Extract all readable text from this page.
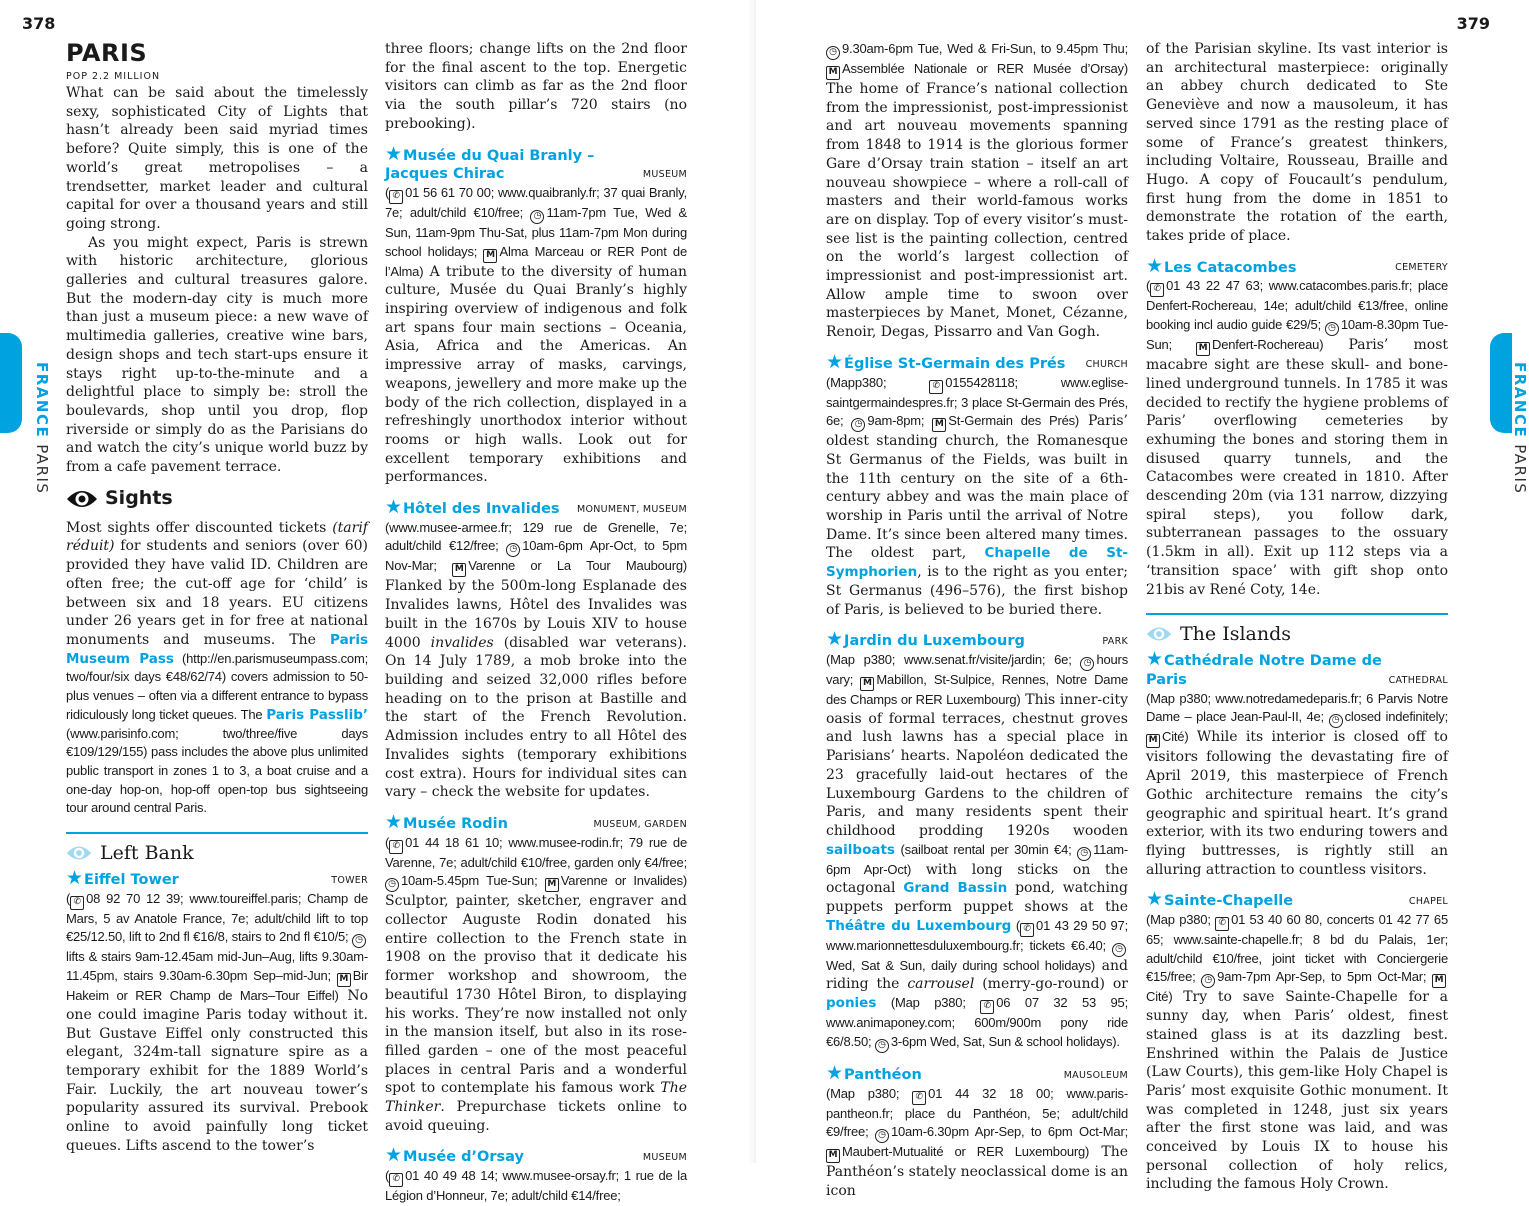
378
FRANCEPARIS
PARIS
POP 2.2 MILLION

What can be said about the timelessly sexy, sophisticated City of Lights that hasn’t already been said myriad times before? Quite simply, this is one of the world’s great metropolises – a trendsetter, market leader and cultural capital for over a thousand years and still going strong.

As you might expect, Paris is strewn with historic architecture, glorious galleries and cultural treasures galore. But the modern-day city is much more than just a museum piece: a new wave of multimedia galleries, creative wine bars, design shops and tech start-ups ensure it stays right up-to-the-minute and a delightful place to simply be: stroll the boulevards, shop until you drop, flop riverside or simply do as the Parisians do and watch the city’s unique world buzz by from a cafe pavement terrace.

Sights

Most sights offer discounted tickets (tarif réduit) for students and seniors (over 60) provided they have valid ID. Children are often free; the cut-off age for ‘child’ is between six and 18 years. EU citizens under 26 years get in for free at national monuments and museums. The Paris Museum Pass (http://en.parismuseumpass.com; two/four/six days €48/62/74) covers admission to 50-plus venues – often via a different entrance to bypass ridiculously long ticket queues. The Paris Passlib’ (www.parisinfo.com; two/three/five days €109/129/155) pass includes the above plus unlimited public transport in zones 1 to 3, a boat cruise and a one-day hop-on, hop-off open-top bus sightseeing tour around central Paris.

Left Bank
★Eiffel Tower	TOWER

( ✆ 08 92 70 12 39; www.toureiffel.paris; Champ de Mars, 5 av Anatole France, 7e; adult/child lift to top €25/12.50, lift to 2nd fl €16/8, stairs to 2nd fl €10/5; ◷lifts & stairs 9am-12.45am mid-Jun–Aug, lifts 9.30am-11.45pm, stairs 9.30am-6.30pm Sep–mid-Jun; M Bir Hakeim or RER Champ de Mars–Tour Eiffel) No one could imagine Paris today without it. But Gustave Eiffel only constructed this elegant, 324m-tall signature spire as a temporary exhibit for the 1889 World’s Fair. Luckily, the art nouveau tower’s popularity assured its survival. Prebook online to avoid painfully long ticket queues. Lifts ascend to the tower’s

three floors; change lifts on the 2nd floor for the final ascent to the top. Energetic visitors can climb as far as the 2nd floor via the south pillar’s 720 stairs (no prebooking).

★Musée du Quai Branly – Jacques Chirac	MUSEUM

( ✆ 01 56 61 70 00; www.quaibranly.fr; 37 quai Branly, 7e; adult/child €10/free; ◷ 11am-7pm Tue, Wed & Sun, 11am-9pm Thu-Sat, plus 11am-7pm Mon during school holidays; M Alma Marceau or RER Pont de l’Alma) A tribute to the diversity of human culture, Musée du Quai Branly’s highly inspiring overview of indigenous and folk art spans four main sections – Oceania, Asia, Africa and the Americas. An impressive array of masks, carvings, weapons, jewellery and more make up the body of the rich collection, displayed in a refreshingly unorthodox interior without rooms or high walls. Look out for excellent temporary exhibitions and performances.

★Hôtel des Invalides MONUMENT, MUSEUM

(www.musee-armee.fr; 129 rue de Grenelle, 7e; adult/child €12/free; ◷ 10am-6pm Apr-Oct, to 5pm Nov-Mar; M Varenne or La Tour Maubourg) Flanked by the 500m-long Esplanade des Invalides lawns, Hôtel des Invalides was built in the 1670s by Louis XIV to house 4000 invalides (disabled war veterans). On 14 July 1789, a mob broke into the building and seized 32,000 rifles before heading on to the prison at Bastille and the start of the French Revolution. Admission includes entry to all Hôtel des Invalides sights (temporary exhibitions cost extra). Hours for individual sites can vary – check the website for updates.

★Musée Rodin	MUSEUM, GARDEN

( ✆ 01 44 18 61 10; www.musee-rodin.fr; 79 rue de Varenne, 7e; adult/child €10/free, garden only €4/free; ◷ 10am-5.45pm Tue-Sun; M Varenne or Invalides) Sculptor, painter, sketcher, engraver and collector Auguste Rodin donated his entire collection to the French state in 1908 on the proviso that it dedicate his former workshop and showroom, the beautiful 1730 Hôtel Biron, to displaying his works. They’re now installed not only in the mansion itself, but also in its rose-filled garden – one of the most peaceful places in central Paris and a wonderful spot to contemplate his famous work The Thinker. Prepurchase tickets online to avoid queuing.

★Musée d’Orsay	MUSEUM

( ✆ 01 40 49 48 14; www.musee-orsay.fr; 1 rue de la Légion d’Honneur, 7e; adult/child €14/free;

379
FRANCEPARIS

◷ 9.30am-6pm Tue, Wed & Fri-Sun, to 9.45pm Thu; M Assemblée Nationale or RER Musée d’Orsay) The home of France’s national collection from the impressionist, post-impressionist and art nouveau movements spanning from 1848 to 1914 is the glorious former Gare d’Orsay train station – itself an art nouveau showpiece – where a roll-call of masters and their world-famous works are on display. Top of every visitor’s must-see list is the painting collection, centred on the world’s largest collection of impressionist and post-impressionist art. Allow ample time to swoon over masterpieces by Manet, Monet, Cézanne, Renoir, Degas, Pissarro and Van Gogh.

★Église St-Germain des Prés CHURCH

(Mapp380; ✆ 0155428118; www.eglise-saintgermaindespres.fr; 3 place St-Germain des Prés, 6e; ◷ 9am-8pm; M St-Germain des Prés) Paris’ oldest standing church, the Romanesque St Germanus of the Fields, was built in the 11th century on the site of a 6th-century abbey and was the main place of worship in Paris until the arrival of Notre Dame. It’s since been altered many times. The oldest part, Chapelle de St-Symphorien, is to the right as you enter; St Germanus (496–576), the first bishop of Paris, is believed to be buried there.

★Jardin du Luxembourg	PARK

(Map p380; www.senat.fr/visite/jardin; 6e; ◷ hours vary; M Mabillon, St-Sulpice, Rennes, Notre Dame des Champs or RER Luxembourg) This inner-city oasis of formal terraces, chestnut groves and lush lawns has a special place in Parisians’ hearts. Napoléon dedicated the 23 gracefully laid-out hectares of the Luxembourg Gardens to the children of Paris, and many residents spent their childhood prodding 1920s wooden sailboats (sailboat rental per 30min €4; ◷ 11am-6pm Apr-Oct) with long sticks on the octagonal Grand Bassin pond, watching puppets perform puppet shows at the Théâtre du Luxembourg ( ✆ 01 43 29 50 97; www.marionnettesduluxembourg.fr; tickets €6.40; ◷Wed, Sat & Sun, daily during school holidays) and riding the carrousel (merry-go-round) or ponies (Map p380; ✆ 06 07 32 53 95; www.animaponey.com; 600m/900m pony ride €6/8.50; ◷ 3-6pm Wed, Sat, Sun & school holidays).

★Panthéon	MAUSOLEUM

(Map p380; ✆ 01 44 32 18 00; www.paris-pantheon.fr; place du Panthéon, 5e; adult/child €9/free; ◷ 10am-6.30pm Apr-Sep, to 6pm Oct-Mar; M Maubert-Mutualité or RER Luxembourg) The Panthéon’s stately neoclassical dome is an icon

of the Parisian skyline. Its vast interior is an architectural masterpiece: originally an abbey church dedicated to Ste Geneviève and now a mausoleum, it has served since 1791 as the resting place of some of France’s greatest thinkers, including Voltaire, Rousseau, Braille and Hugo. A copy of Foucault’s pendulum, first hung from the dome in 1851 to demonstrate the rotation of the earth, takes pride of place.

★Les Catacombes	CEMETERY

( ✆ 01 43 22 47 63; www.catacombes.paris.fr; place Denfert-Rochereau, 14e; adult/child €13/free, online booking incl audio guide €29/5; ◷ 10am-8.30pm Tue-Sun; M Denfert-Rochereau) Paris’ most macabre sight are these skull- and bone-lined underground tunnels. In 1785 it was decided to rectify the hygiene problems of Paris’ overflowing cemeteries by exhuming the bones and storing them in disused quarry tunnels, and the Catacombes were created in 1810. After descending 20m (via 131 narrow, dizzying spiral steps), you follow dark, subterranean passages to the ossuary (1.5km in all). Exit up 112 steps via a ‘transition space’ with gift shop onto 21bis av René Coty, 14e.

The Islands
★Cathédrale Notre Dame de Paris	CATHEDRAL

(Map p380; www.notredamedeparis.fr; 6 Parvis Notre Dame – place Jean-Paul-II, 4e; ◷ closed indefinitely; M Cité) While its interior is closed off to visitors following the devastating fire of April 2019, this masterpiece of French Gothic architecture remains the city’s geographic and spiritual heart. It’s grand exterior, with its two enduring towers and flying buttresses, is rightly still an alluring attraction to countless visitors.

★Sainte-Chapelle	CHAPEL

(Map p380; ✆ 01 53 40 60 80, concerts 01 42 77 65 65; www.sainte-chapelle.fr; 8 bd du Palais, 1er; adult/child €10/free, joint ticket with Conciergerie €15/free; ◷ 9am-7pm Apr-Sep, to 5pm Oct-Mar; MCité) Try to save Sainte-Chapelle for a sunny day, when Paris’ oldest, finest stained glass is at its dazzling best. Enshrined within the Palais de Justice (Law Courts), this gem-like Holy Chapel is Paris’ most exquisite Gothic monument. It was completed in 1248, just six years after the first stone was laid, and was conceived by Louis IX to house his personal collection of holy relics, including the famous Holy Crown.
